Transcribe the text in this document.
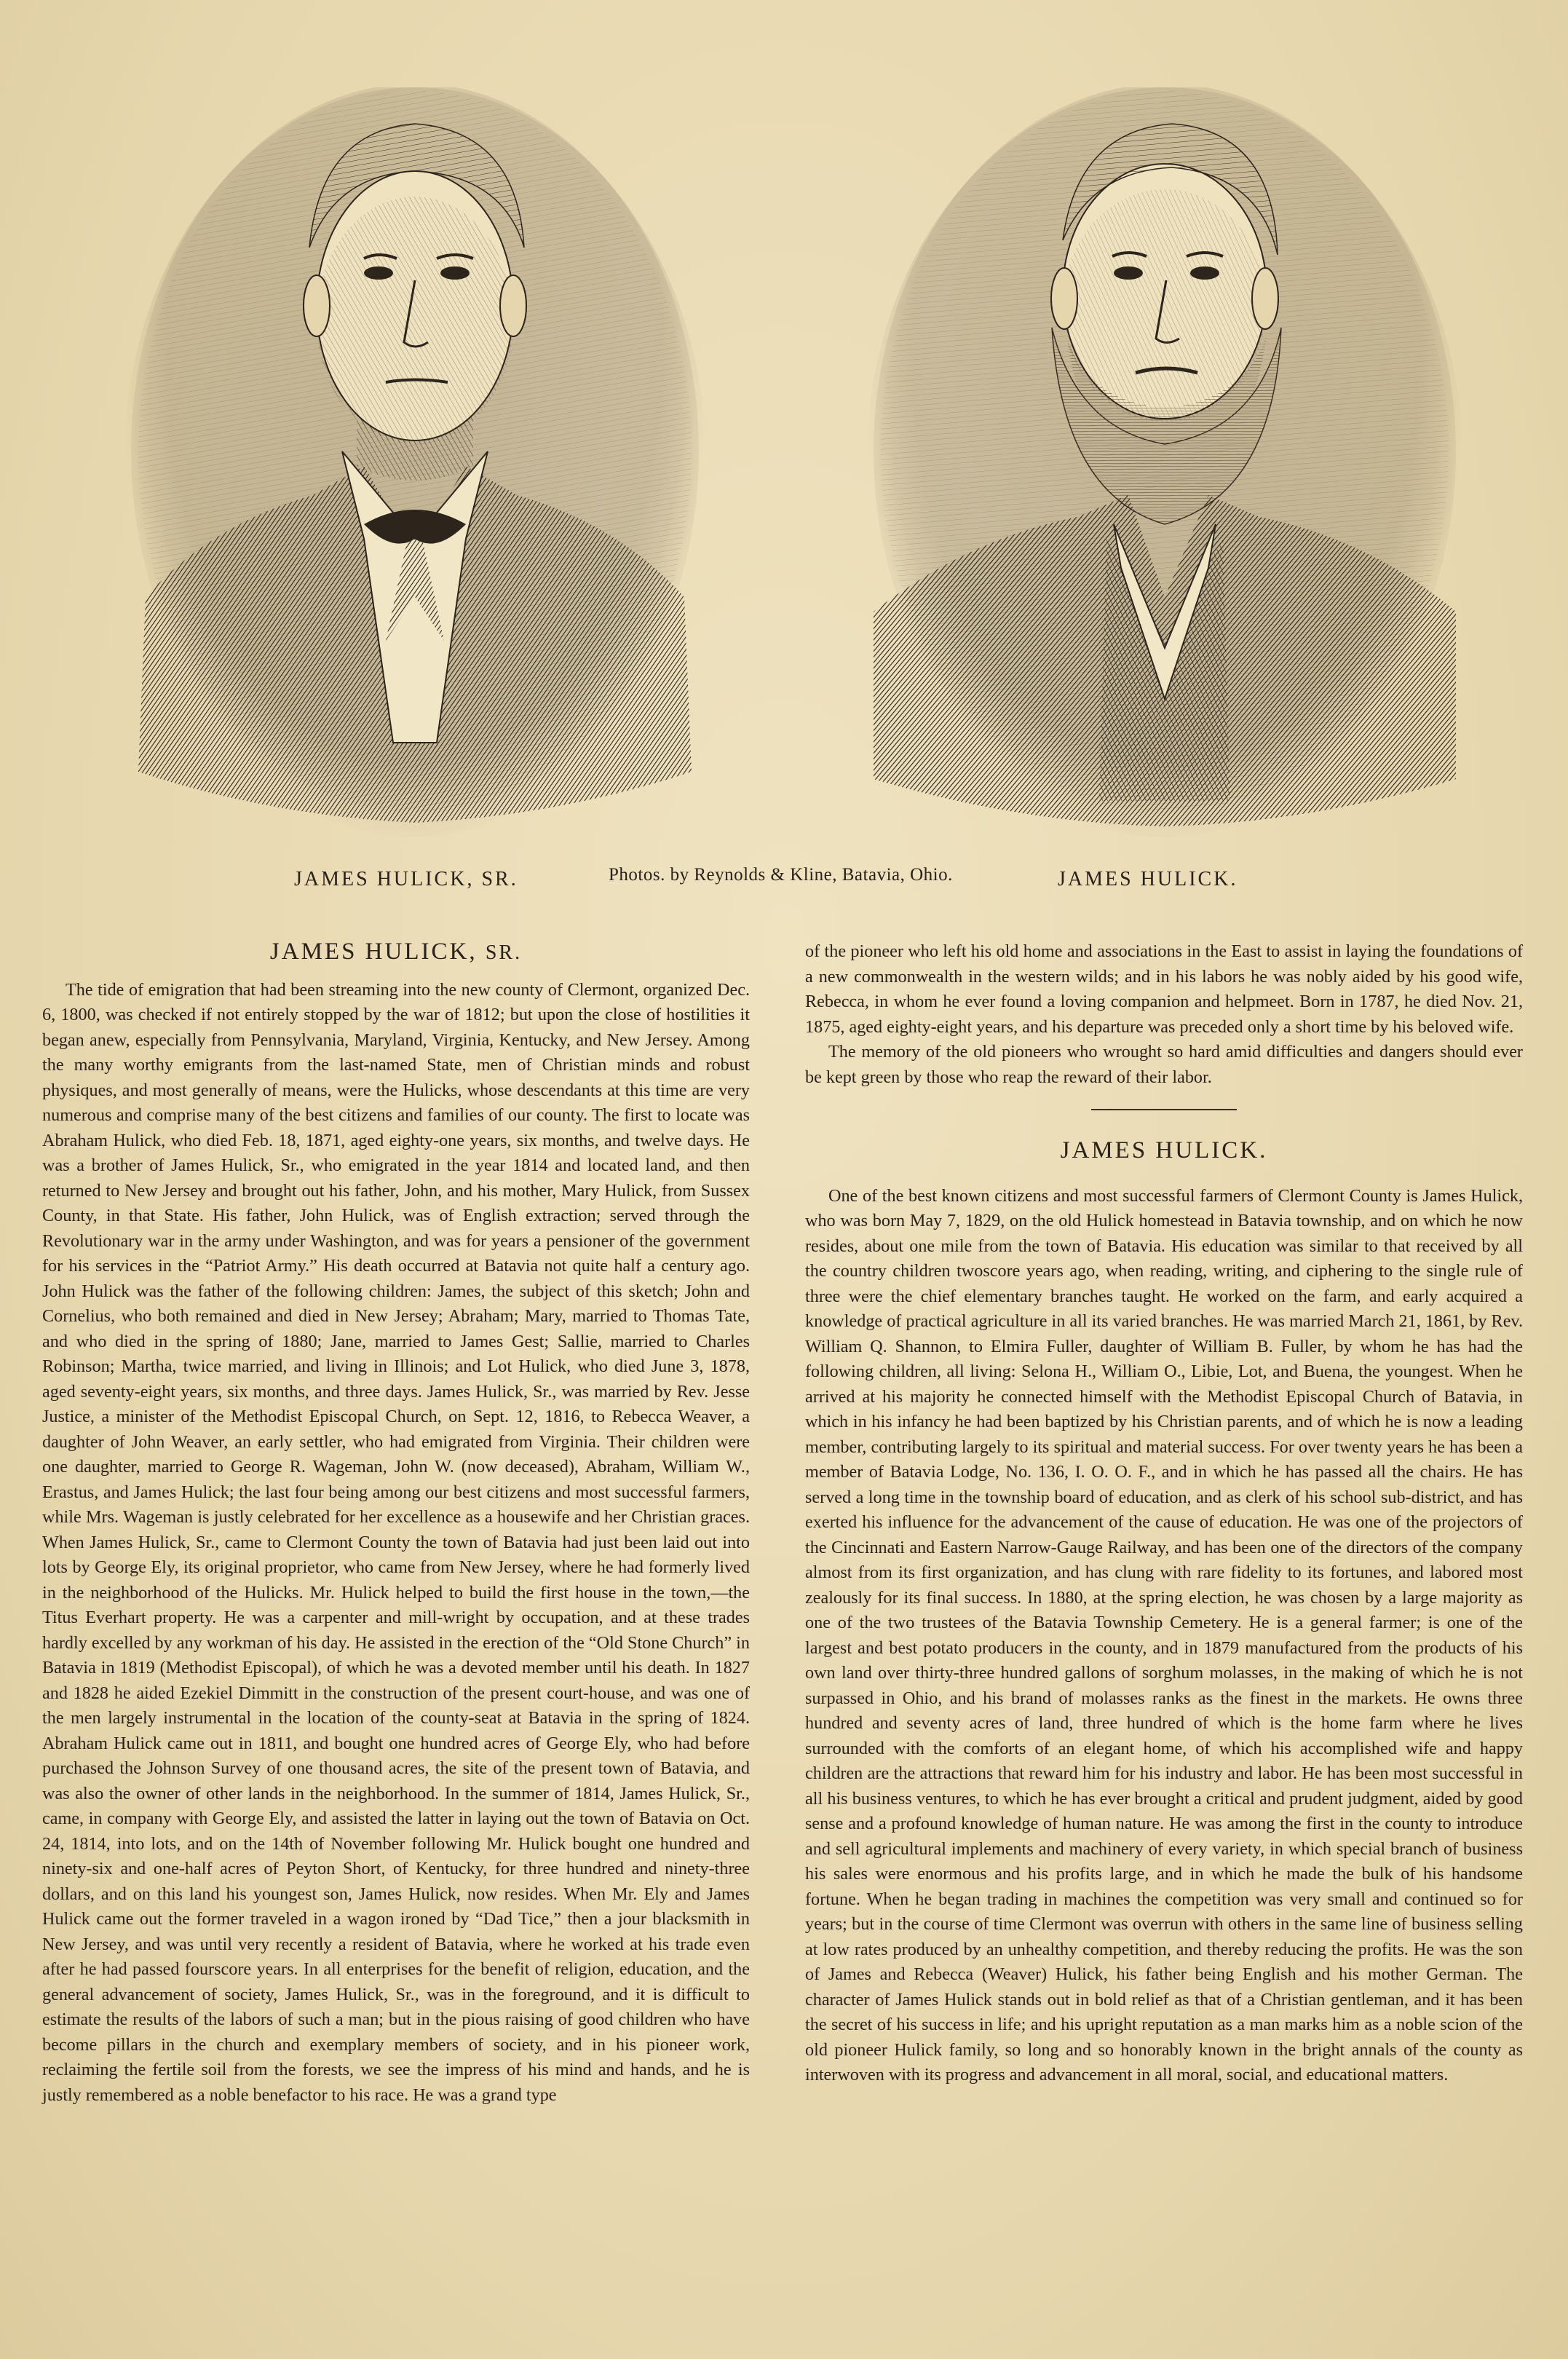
JAMES HULICK, SR.	Photos. by Reynolds & Kline, Batavia, Ohio.	JAMES HULICK.
JAMES HULICK, SR.

The tide of emigration that had been streaming into the new county of Clermont, organized Dec. 6, 1800, was checked if not entirely stopped by the war of 1812; but upon the close of hostilities it began anew, especially from Pennsylvania, Maryland, Virginia, Kentucky, and New Jersey. Among the many worthy emigrants from the last-named State, men of Christian minds and robust physiques, and most generally of means, were the Hulicks, whose descendants at this time are very numerous and comprise many of the best citizens and families of our county. The first to locate was Abraham Hulick, who died Feb. 18, 1871, aged eighty-one years, six months, and twelve days. He was a brother of James Hulick, Sr., who emigrated in the year 1814 and located land, and then returned to New Jersey and brought out his father, John, and his mother, Mary Hulick, from Sussex County, in that State. His father, John Hulick, was of English extraction; served through the Revolutionary war in the army under Washington, and was for years a pensioner of the government for his services in the “Patriot Army.” His death occurred at Batavia not quite half a century ago. John Hulick was the father of the following children: James, the subject of this sketch; John and Cornelius, who both remained and died in New Jersey; Abraham; Mary, married to Thomas Tate, and who died in the spring of 1880; Jane, married to James Gest; Sallie, married to Charles Robinson; Martha, twice married, and living in Illinois; and Lot Hulick, who died June 3, 1878, aged seventy-eight years, six months, and three days. James Hulick, Sr., was married by Rev. Jesse Justice, a minister of the Methodist Episcopal Church, on Sept. 12, 1816, to Rebecca Weaver, a daughter of John Weaver, an early settler, who had emigrated from Virginia. Their children were one daughter, married to George R. Wageman, John W. (now deceased), Abraham, William W., Erastus, and James Hulick; the last four being among our best citizens and most successful farmers, while Mrs. Wageman is justly celebrated for her excellence as a housewife and her Christian graces. When James Hulick, Sr., came to Clermont County the town of Batavia had just been laid out into lots by George Ely, its original proprietor, who came from New Jersey, where he had formerly lived in the neighborhood of the Hulicks. Mr. Hulick helped to build the first house in the town,—the Titus Everhart property. He was a carpenter and mill-wright by occupation, and at these trades hardly excelled by any workman of his day. He assisted in the erection of the “Old Stone Church” in Batavia in 1819 (Methodist Episcopal), of which he was a devoted member until his death. In 1827 and 1828 he aided Ezekiel Dimmitt in the construction of the present court-house, and was one of the men largely instrumental in the location of the county-seat at Batavia in the spring of 1824. Abraham Hulick came out in 1811, and bought one hundred acres of George Ely, who had before purchased the Johnson Survey of one thousand acres, the site of the present town of Batavia, and was also the owner of other lands in the neighborhood. In the summer of 1814, James Hulick, Sr., came, in company with George Ely, and assisted the latter in laying out the town of Batavia on Oct. 24, 1814, into lots, and on the 14th of November following Mr. Hulick bought one hundred and ninety-six and one-half acres of Peyton Short, of Kentucky, for three hundred and ninety-three dollars, and on this land his youngest son, James Hulick, now resides. When Mr. Ely and James Hulick came out the former traveled in a wagon ironed by “Dad Tice,” then a jour blacksmith in New Jersey, and was until very recently a resident of Batavia, where he worked at his trade even after he had passed fourscore years. In all enterprises for the benefit of religion, education, and the general advancement of society, James Hulick, Sr., was in the foreground, and it is difficult to estimate the results of the labors of such a man; but in the pious raising of good children who have become pillars in the church and exemplary members of society, and in his pioneer work, reclaiming the fertile soil from the forests, we see the impress of his mind and hands, and he is justly remembered as a noble benefactor to his race. He was a grand type

of the pioneer who left his old home and associations in the East to assist in laying the foundations of a new commonwealth in the western wilds; and in his labors he was nobly aided by his good wife, Rebecca, in whom he ever found a loving companion and helpmeet. Born in 1787, he died Nov. 21, 1875, aged eighty-eight years, and his departure was preceded only a short time by his beloved wife.

The memory of the old pioneers who wrought so hard amid difficulties and dangers should ever be kept green by those who reap the reward of their labor.

JAMES HULICK.

One of the best known citizens and most successful farmers of Clermont County is James Hulick, who was born May 7, 1829, on the old Hulick homestead in Batavia township, and on which he now resides, about one mile from the town of Batavia. His education was similar to that received by all the country children twoscore years ago, when reading, writing, and ciphering to the single rule of three were the chief elementary branches taught. He worked on the farm, and early acquired a knowledge of practical agriculture in all its varied branches. He was married March 21, 1861, by Rev. William Q. Shannon, to Elmira Fuller, daughter of William B. Fuller, by whom he has had the following children, all living: Selona H., William O., Libie, Lot, and Buena, the youngest. When he arrived at his majority he connected himself with the Methodist Episcopal Church of Batavia, in which in his infancy he had been baptized by his Christian parents, and of which he is now a leading member, contributing largely to its spiritual and material success. For over twenty years he has been a member of Batavia Lodge, No. 136, I. O. O. F., and in which he has passed all the chairs. He has served a long time in the township board of education, and as clerk of his school sub-district, and has exerted his influence for the advancement of the cause of education. He was one of the projectors of the Cincinnati and Eastern Narrow-Gauge Railway, and has been one of the directors of the company almost from its first organization, and has clung with rare fidelity to its fortunes, and labored most zealously for its final success. In 1880, at the spring election, he was chosen by a large majority as one of the two trustees of the Batavia Township Cemetery. He is a general farmer; is one of the largest and best potato producers in the county, and in 1879 manufactured from the products of his own land over thirty-three hundred gallons of sorghum molasses, in the making of which he is not surpassed in Ohio, and his brand of molasses ranks as the finest in the markets. He owns three hundred and seventy acres of land, three hundred of which is the home farm where he lives surrounded with the comforts of an elegant home, of which his accomplished wife and happy children are the attractions that reward him for his industry and labor. He has been most successful in all his business ventures, to which he has ever brought a critical and prudent judgment, aided by good sense and a profound knowledge of human nature. He was among the first in the county to introduce and sell agricultural implements and machinery of every variety, in which special branch of business his sales were enormous and his profits large, and in which he made the bulk of his handsome fortune. When he began trading in machines the competition was very small and continued so for years; but in the course of time Clermont was overrun with others in the same line of business selling at low rates produced by an unhealthy competition, and thereby reducing the profits. He was the son of James and Rebecca (Weaver) Hulick, his father being English and his mother German. The character of James Hulick stands out in bold relief as that of a Christian gentleman, and it has been the secret of his success in life; and his upright reputation as a man marks him as a noble scion of the old pioneer Hulick family, so long and so honorably known in the bright annals of the county as interwoven with its progress and advancement in all moral, social, and educational matters.
